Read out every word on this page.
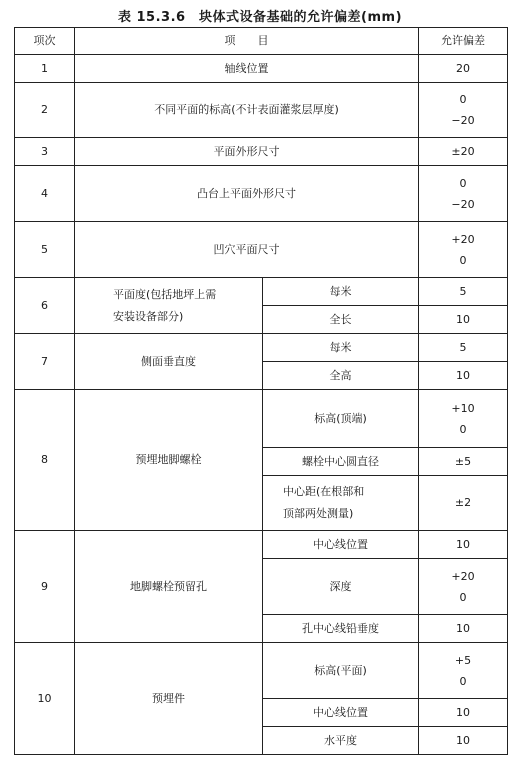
表 15.3.6　块体式设备基础的允许偏差(mm)
项次	项　　目		允许偏差
1	轴线位置		20
2	不同平面的标高(不计表面灌浆层厚度)		0
−20

3	平面外形尺寸		±20
4	凸台上平面外形尺寸		0
−20

5	凹穴平面尺寸		+20
0

6	平面度(包括地坪上需
安装设备部分)	每米	5
		全长	10
7	侧面垂直度	每米	5
		全高	10
8	预埋地脚螺栓	标高(顶端)	+10
0

		螺栓中心圆直径	±5

		中心距(在根部和
顶部两处测量)	±2
9	地脚螺栓预留孔	中心线位置	10
		深度	+20
0

		孔中心线铅垂度	10
10	预埋件	标高(平面)	+5
0

		中心线位置	10
		水平度	10
